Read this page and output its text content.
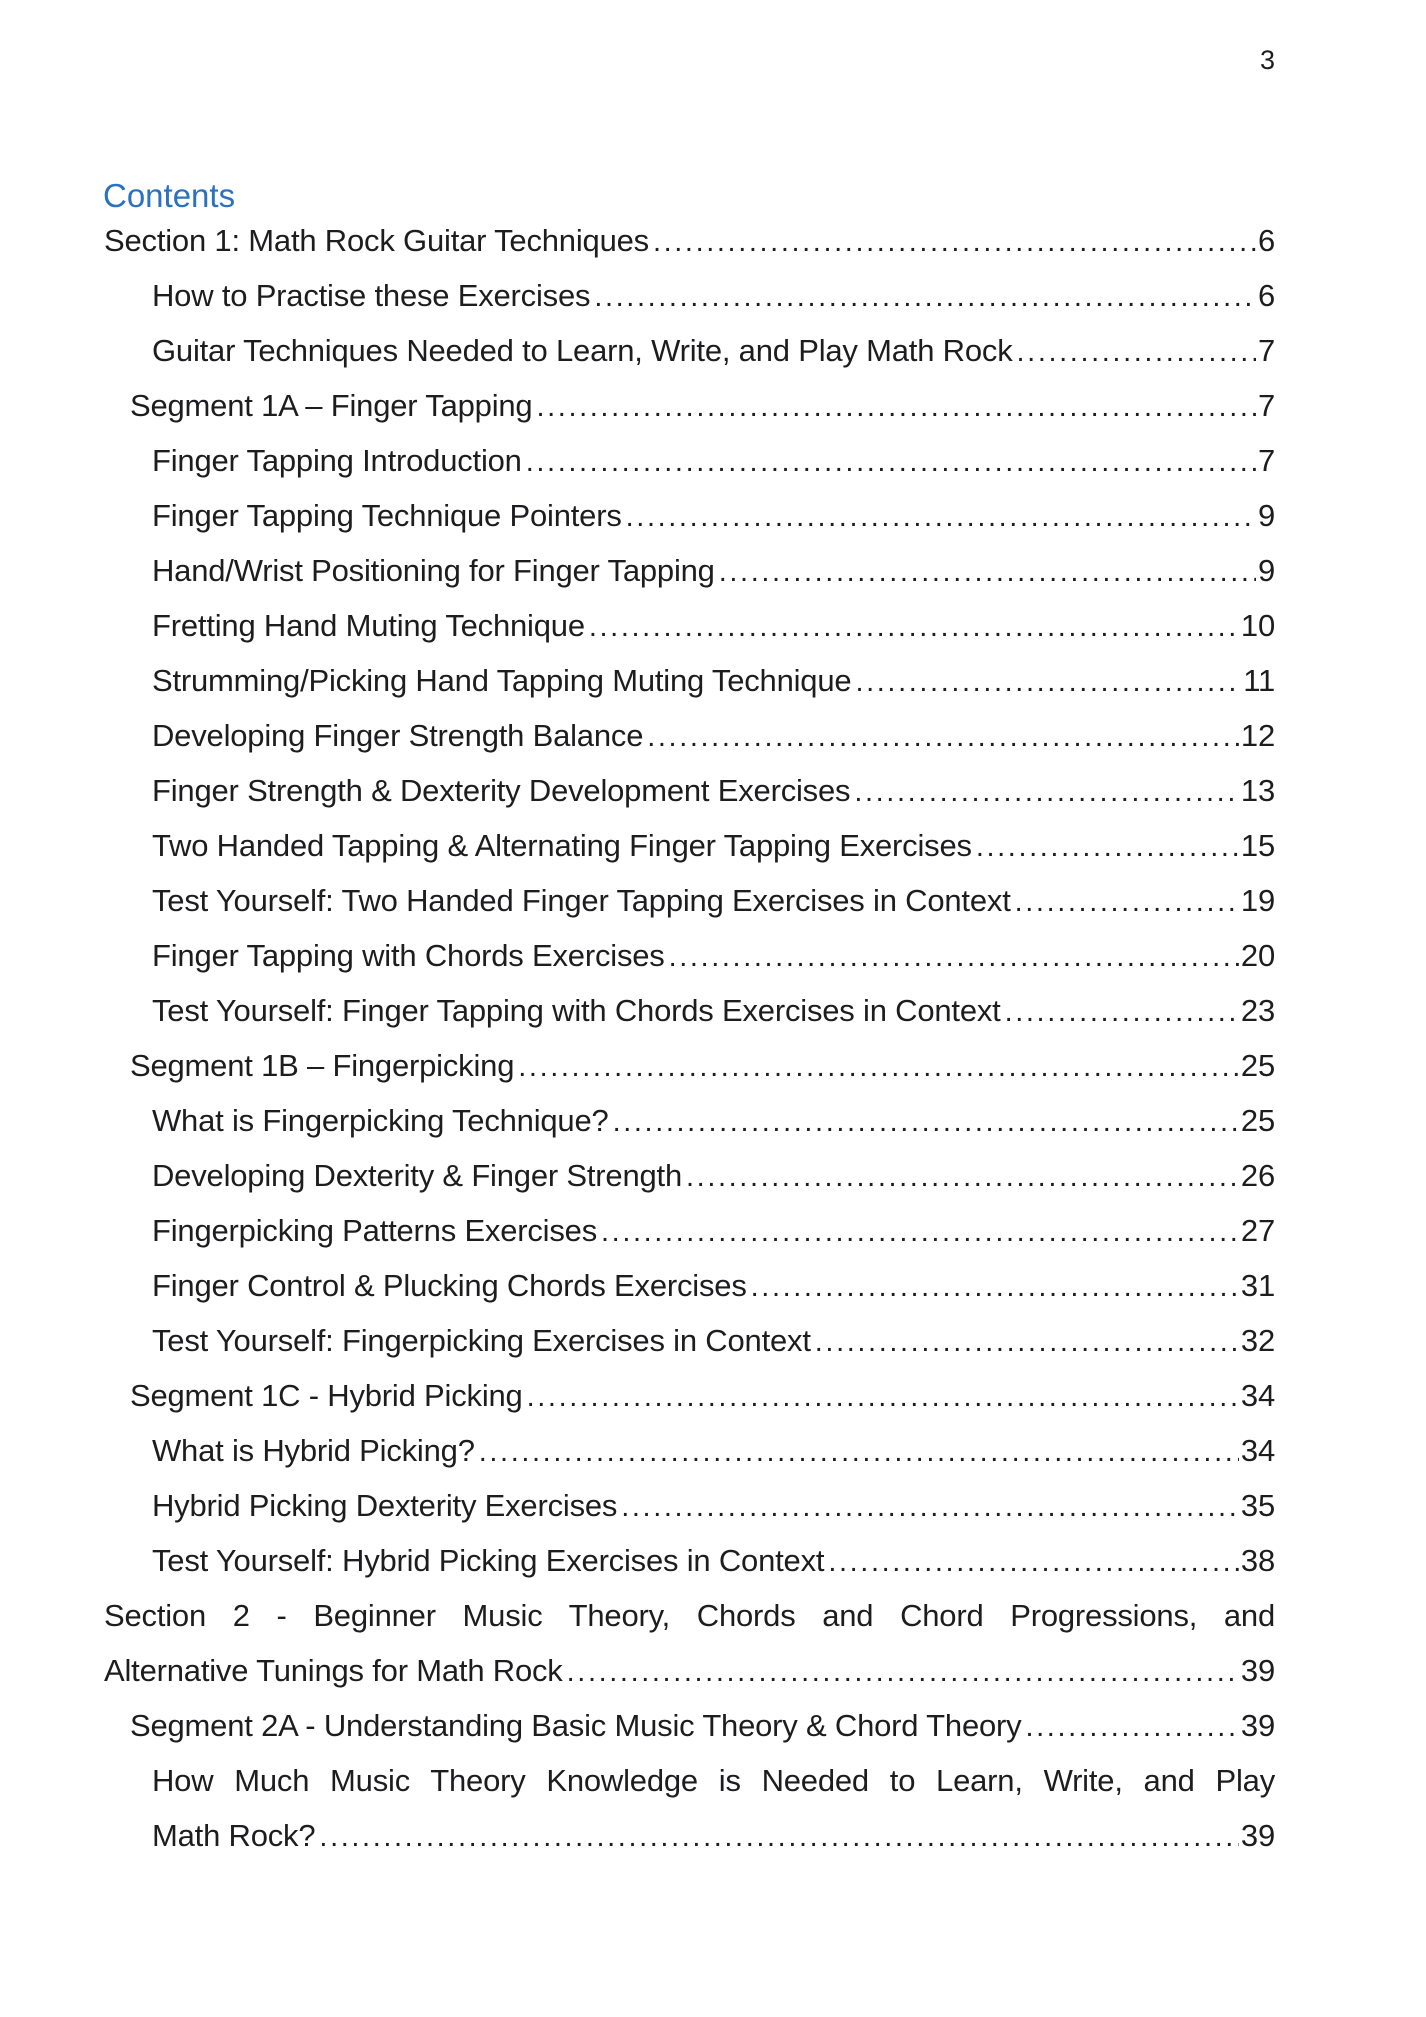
3
Contents
Section 1: Math Rock Guitar Techniques .....	6
How to Practise these Exercises .....	6
Guitar Techniques Needed to Learn, Write, and Play Math Rock .....	7
Segment 1A – Finger Tapping .....	7
Finger Tapping Introduction .....	7
Finger Tapping Technique Pointers .....	9
Hand/Wrist Positioning for Finger Tapping .....	9
Fretting Hand Muting Technique .....	10
Strumming/Picking Hand Tapping Muting Technique .....	11
Developing Finger Strength Balance .....	12
Finger Strength & Dexterity Development Exercises .....	13
Two Handed Tapping & Alternating Finger Tapping Exercises .....	15
Test Yourself: Two Handed Finger Tapping Exercises in Context .....	19
Finger Tapping with Chords Exercises .....	20
Test Yourself: Finger Tapping with Chords Exercises in Context .....	23
Segment 1B – Fingerpicking .....	25
What is Fingerpicking Technique? .....	25
Developing Dexterity & Finger Strength .....	26
Fingerpicking Patterns Exercises .....	27
Finger Control & Plucking Chords Exercises .....	31
Test Yourself: Fingerpicking Exercises in Context .....	32
Segment 1C - Hybrid Picking .....	34
What is Hybrid Picking? .....	34
Hybrid Picking Dexterity Exercises .....	35
Test Yourself: Hybrid Picking Exercises in Context .....	38
Section 2 - Beginner Music Theory, Chords and Chord Progressions, and
Alternative Tunings for Math Rock .....	39
Segment 2A - Understanding Basic Music Theory & Chord Theory .....	39
How Much Music Theory Knowledge is Needed to Learn, Write, and Play
Math Rock? .....	39
